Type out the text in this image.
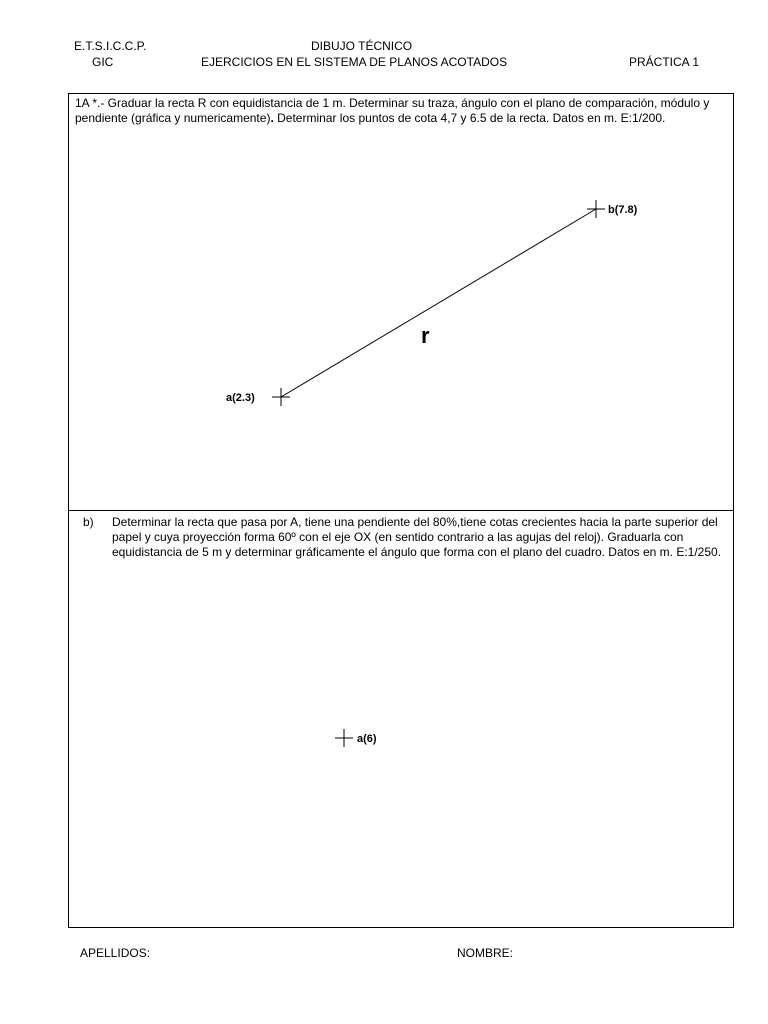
E.T.S.I.C.C.P.
GIC
DIBUJO TÉCNICO
EJERCICIOS EN EL SISTEMA DE PLANOS ACOTADOS	PRÁCTICA 1
1A *.- Graduar la recta R con equidistancia de 1 m. Determinar su traza, ángulo con el plano de comparación, módulo y pendiente (gráfica y numericamente). Determinar los puntos de cota 4,7 y 6.5 de la recta. Datos en m. E:1/200.
b) Determinar la recta que pasa por A, tiene una pendiente del 80%,tiene cotas crecientes hacia la parte superior del papel y cuya proyección forma 60º con el eje OX (en sentido contrario a las agujas del reloj). Graduarla con equidistancia de 5 m y determinar gráficamente el ángulo que forma con el plano del cuadro. Datos en m. E:1/250.
a(2.3)
b(7.8)
r
a(6)
APELLIDOS:	NOMBRE:
